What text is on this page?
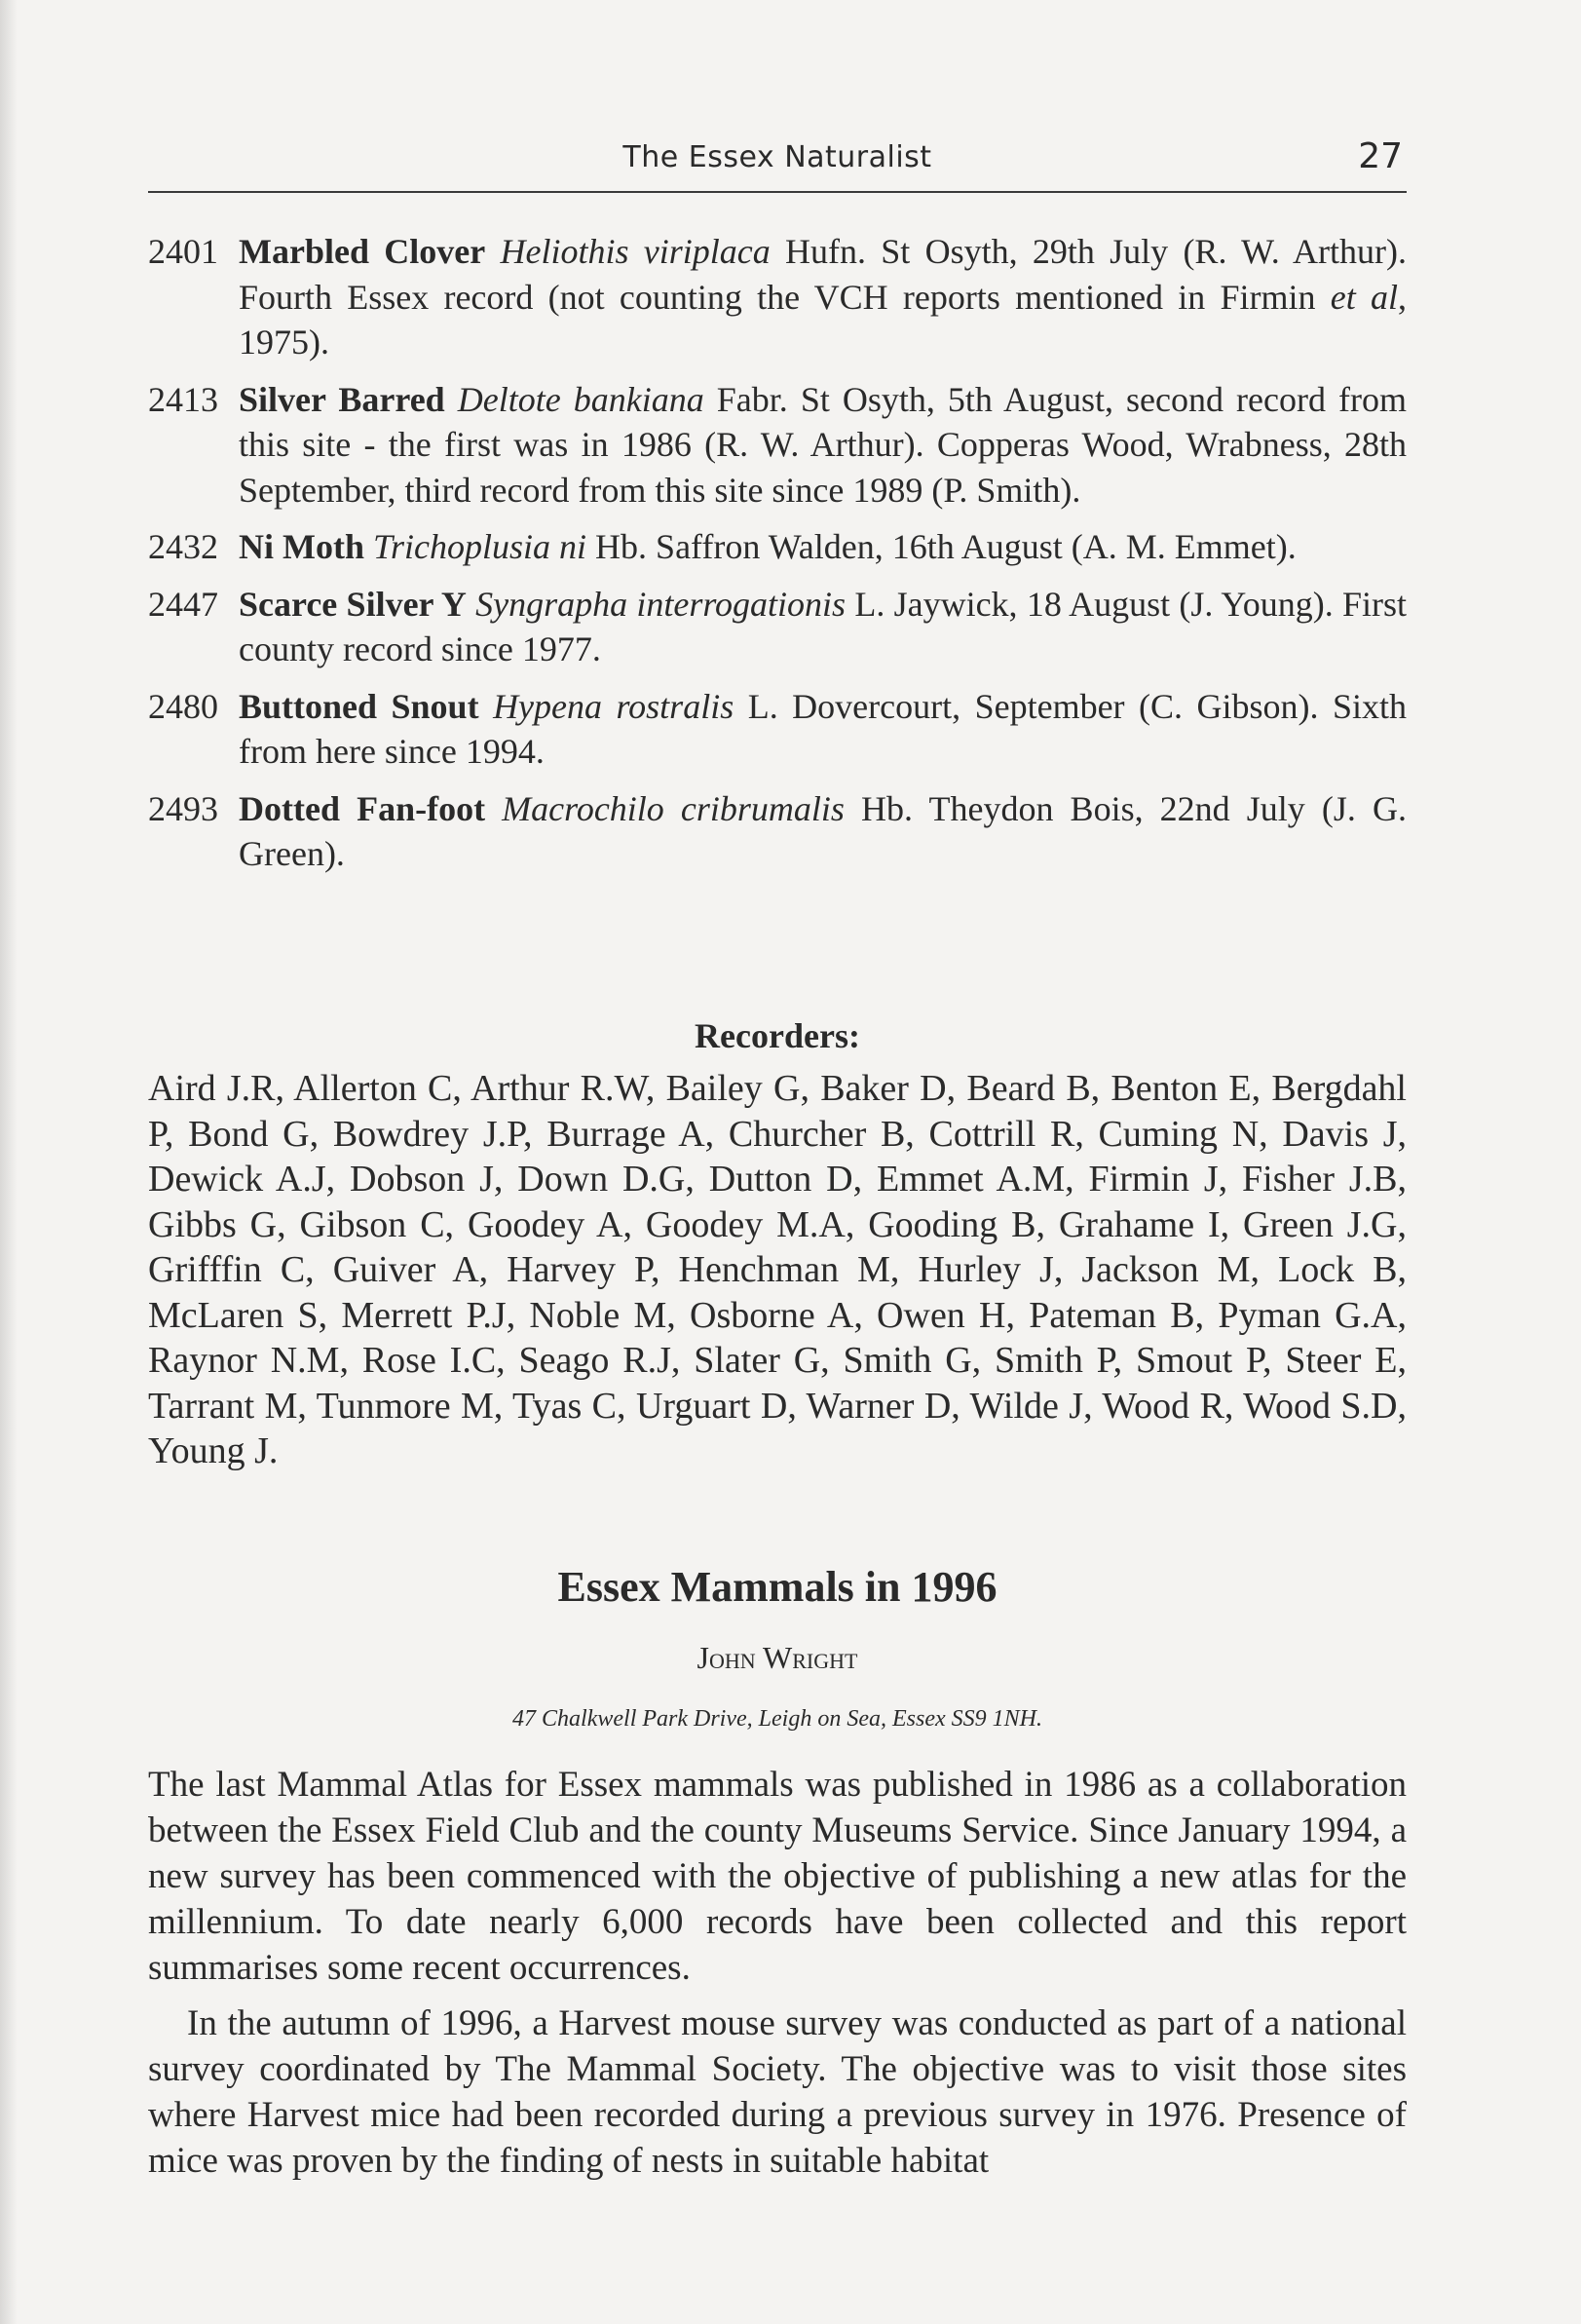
The Essex Naturalist	27
2401 Marbled Clover Heliothis viriplaca Hufn. St Osyth, 29th July (R. W. Arthur). Fourth Essex record (not counting the VCH reports mentioned in Firmin et al, 1975).
2413 Silver Barred Deltote bankiana Fabr. St Osyth, 5th August, second record from this site - the first was in 1986 (R. W. Arthur). Copperas Wood, Wrabness, 28th September, third record from this site since 1989 (P. Smith).
2432 Ni Moth Trichoplusia ni Hb. Saffron Walden, 16th August (A. M. Emmet).
2447 Scarce Silver Y Syngrapha interrogationis L. Jaywick, 18 August (J. Young). First county record since 1977.
2480 Buttoned Snout Hypena rostralis L. Dovercourt, September (C. Gibson). Sixth from here since 1994.
2493 Dotted Fan-foot Macrochilo cribrumalis Hb. Theydon Bois, 22nd July (J. G. Green).
Recorders:
Aird J.R, Allerton C, Arthur R.W, Bailey G, Baker D, Beard B, Benton E, Bergdahl P, Bond G, Bowdrey J.P, Burrage A, Churcher B, Cottrill R, Cuming N, Davis J, Dewick A.J, Dobson J, Down D.G, Dutton D, Emmet A.M, Firmin J, Fisher J.B, Gibbs G, Gibson C, Goodey A, Goodey M.A, Gooding B, Grahame I, Green J.G, Grifffin C, Guiver A, Harvey P, Henchman M, Hurley J, Jackson M, Lock B, McLaren S, Merrett P.J, Noble M, Osborne A, Owen H, Pateman B, Pyman G.A, Raynor N.M, Rose I.C, Seago R.J, Slater G, Smith G, Smith P, Smout P, Steer E, Tarrant M, Tunmore M, Tyas C, Urguart D, Warner D, Wilde J, Wood R, Wood S.D, Young J.
Essex Mammals in 1996
John Wright
47 Chalkwell Park Drive, Leigh on Sea, Essex SS9 1NH.

The last Mammal Atlas for Essex mammals was published in 1986 as a collaboration between the Essex Field Club and the county Museums Service. Since January 1994, a new survey has been commenced with the objective of publishing a new atlas for the millennium. To date nearly 6,000 records have been collected and this report summarises some recent occurrences.

In the autumn of 1996, a Harvest mouse survey was conducted as part of a national survey coordinated by The Mammal Society. The objective was to visit those sites where Harvest mice had been recorded during a previous survey in 1976. Presence of mice was proven by the finding of nests in suitable habitat
